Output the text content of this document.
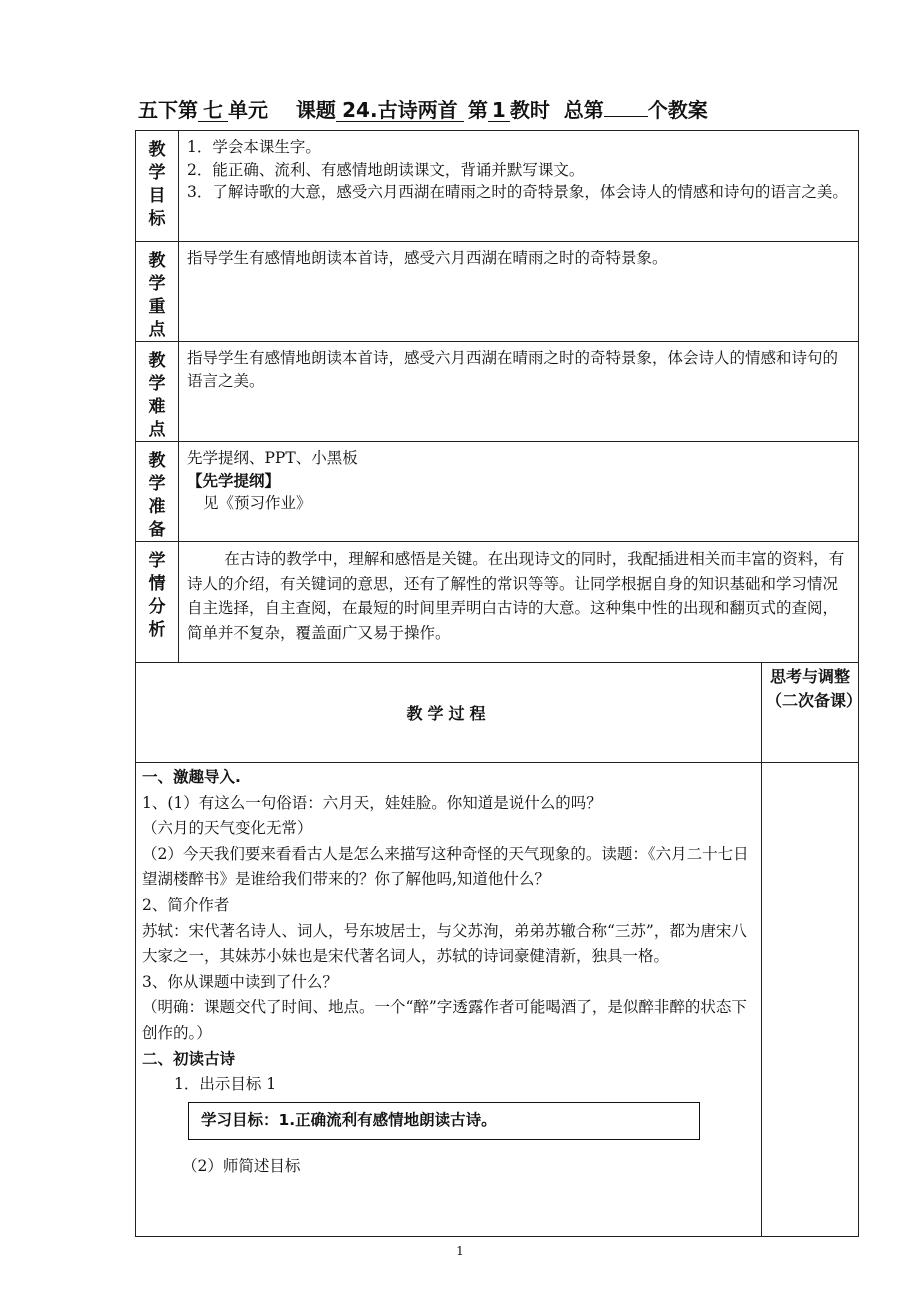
五下第 七 单元    课题 24.古诗两首 第 1 教时  总第 个教案
教
学
目
标

1．学会本课生字。

2．能正确、流利、有感情地朗读课文，背诵并默写课文。

3．了解诗歌的大意，感受六月西湖在晴雨之时的奇特景象，体会诗人的情感和诗句的语言之美。

教
学
重
点

指导学生有感情地朗读本首诗，感受六月西湖在晴雨之时的奇特景象。

教
学
难
点

指导学生有感情地朗读本首诗，感受六月西湖在晴雨之时的奇特景象，体会诗人的情感和诗句的语言之美。

教
学
准
备

先学提纲、PPT、小黑板

【先学提纲】

见《预习作业》

学
情
分
析

在古诗的教学中，理解和感悟是关键。在出现诗文的同时，我配插进相关而丰富的资料，有诗人的介绍，有关键词的意思，还有了解性的常识等等。让同学根据自身的知识基础和学习情况自主选择，自主查阅，在最短的时间里弄明白古诗的大意。这种集中性的出现和翻页式的查阅，简单并不复杂，覆盖面广又易于操作。

教学过程
思考与调整（二次备课）

一、激趣导入.

1、(1）有这么一句俗语：六月天，娃娃脸。你知道是说什么的吗？

（六月的天气变化无常）

（2）今天我们要来看看古人是怎么来描写这种奇怪的天气现象的。读题：《六月二十七日望湖楼醉书》是谁给我们带来的？你了解他吗,知道他什么？

2、简介作者

苏轼：宋代著名诗人、词人，号东坡居士，与父苏洵，弟弟苏辙合称“三苏”，都为唐宋八大家之一，其妹苏小妹也是宋代著名词人，苏轼的诗词豪健清新，独具一格。

3、你从课题中读到了什么？

（明确：课题交代了时间、地点。一个“醉”字透露作者可能喝酒了，是似醉非醉的状态下创作的。）

二、初读古诗

1．出示目标 1

学习目标：1.正确流利有感情地朗读古诗。

（2）师简述目标

1
